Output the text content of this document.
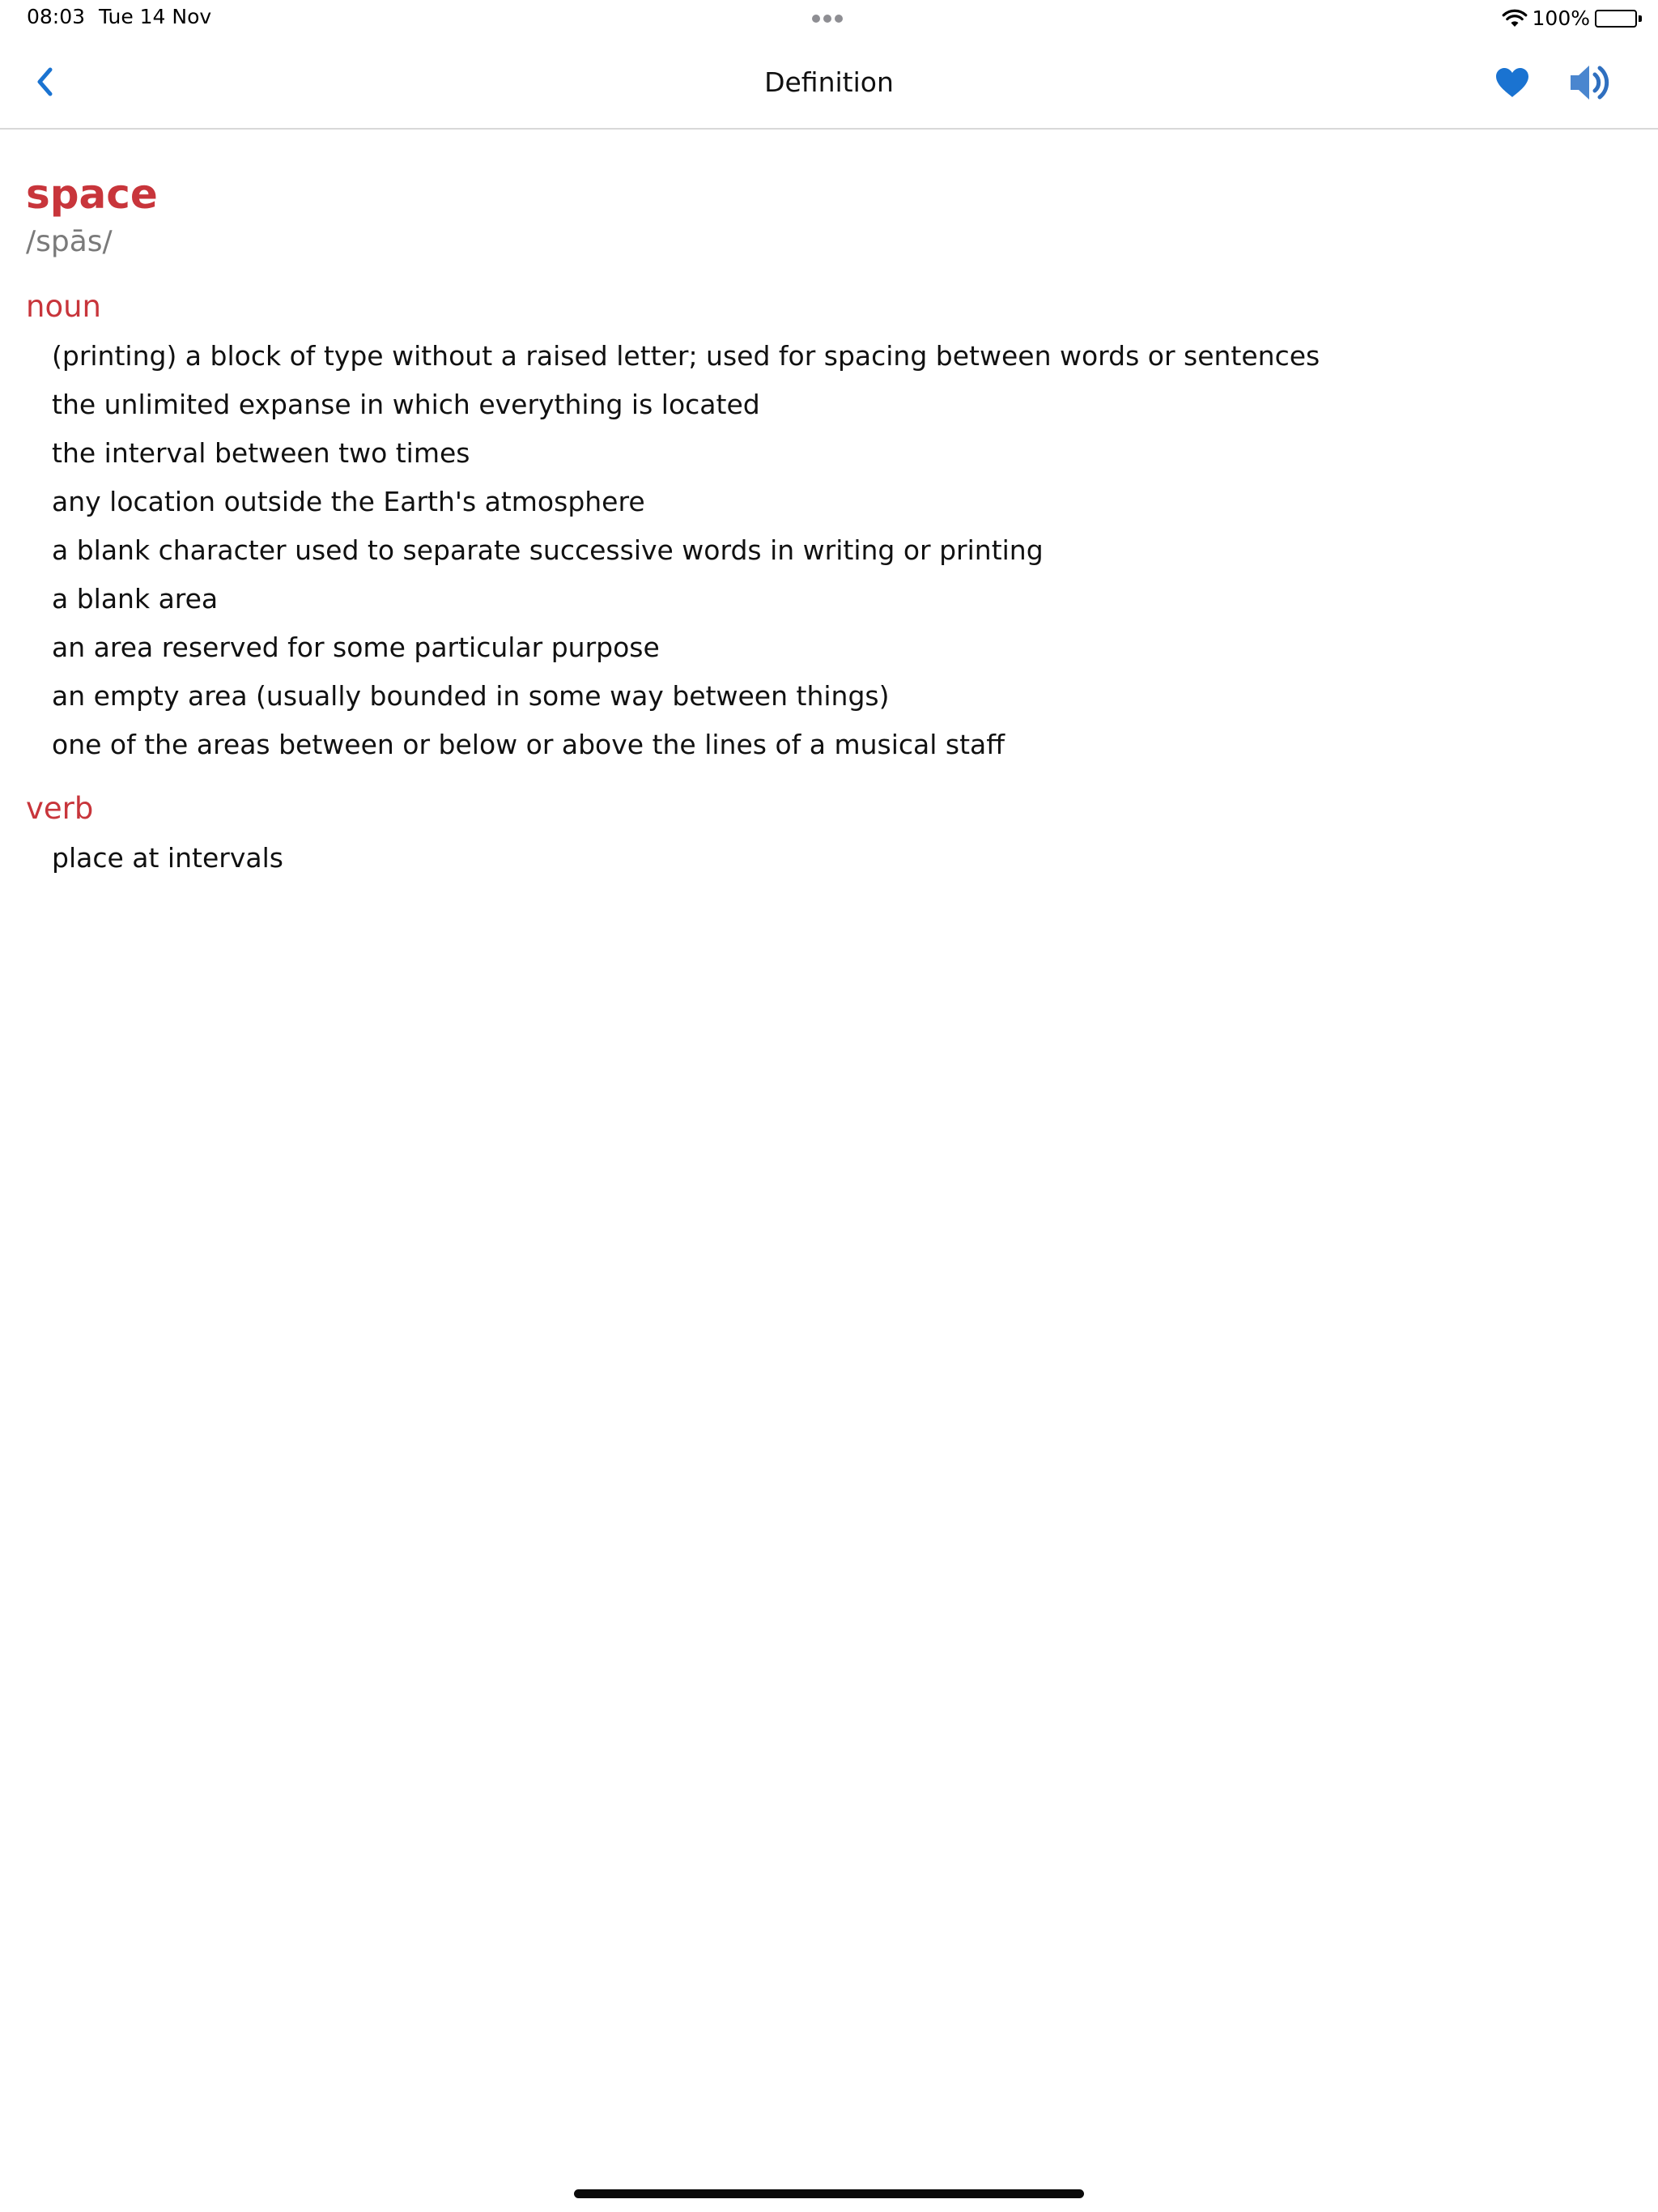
08:03 Tue 14 Nov	100%
Definition
space
/spās/
noun
(printing) a block of type without a raised letter; used for spacing between words or sentences
the unlimited expanse in which everything is located
the interval between two times
any location outside the Earth's atmosphere
a blank character used to separate successive words in writing or printing
a blank area
an area reserved for some particular purpose
an empty area (usually bounded in some way between things)
one of the areas between or below or above the lines of a musical staff
verb
place at intervals
